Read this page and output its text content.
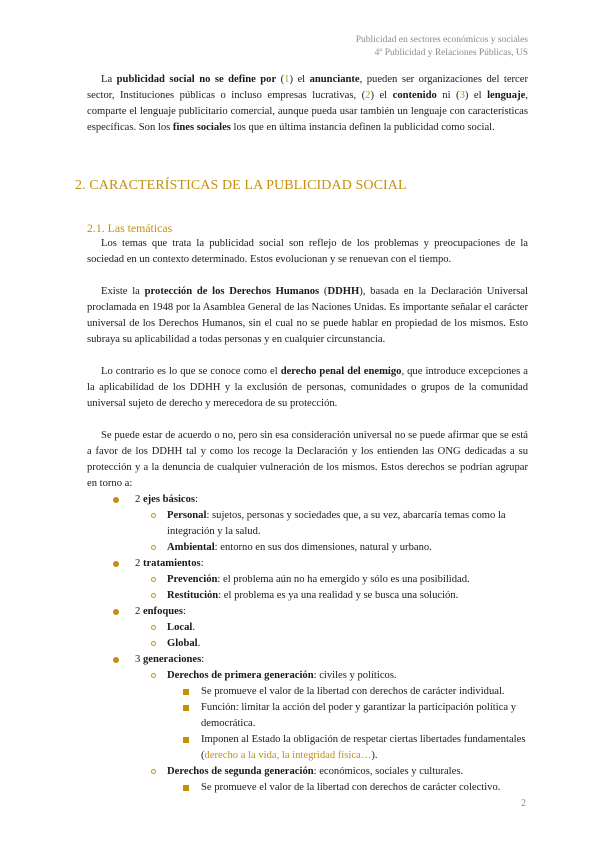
Publicidad en sectores económicos y sociales
4º Publicidad y Relaciones Públicas, US

La publicidad social no se define por (1) el anunciante, pueden ser organizaciones del tercer sector, Instituciones públicas o incluso empresas lucrativas, (2) el contenido ni (3) el lenguaje, comparte el lenguaje publicitario comercial, aunque pueda usar también un lenguaje con características específicas. Son los fines sociales los que en última instancia definen la publicidad como social.

2. CARACTERÍSTICAS DE LA PUBLICIDAD SOCIAL
2.1. Las temáticas

Los temas que trata la publicidad social son reflejo de los problemas y preocupaciones de la sociedad en un contexto determinado. Estos evolucionan y se renuevan con el tiempo.

Existe la protección de los Derechos Humanos (DDHH), basada en la Declaración Universal proclamada en 1948 por la Asamblea General de las Naciones Unidas. Es importante señalar el carácter universal de los Derechos Humanos, sin el cual no se puede hablar en propiedad de los mismos. Esto subraya su aplicabilidad a todas personas y en cualquier circunstancia.

Lo contrario es lo que se conoce como el derecho penal del enemigo, que introduce excepciones a la aplicabilidad de los DDHH y la exclusión de personas, comunidades o grupos de la comunidad universal sujeto de derecho y merecedora de su protección.

Se puede estar de acuerdo o no, pero sin esa consideración universal no se puede afirmar que se está a favor de los DDHH tal y como los recoge la Declaración y los entienden las ONG dedicadas a su protección y a la denuncia de cualquier vulneración de los mismos. Estos derechos se podrían agrupar en torno a:

2 ejes básicos:
Personal: sujetos, personas y sociedades que, a su vez, abarcaría temas como la integración y la salud.
Ambiental: entorno en sus dos dimensiones, natural y urbano.
2 tratamientos:
Prevención: el problema aún no ha emergido y sólo es una posibilidad.
Restitución: el problema es ya una realidad y se busca una solución.
2 enfoques:
Local.
Global.
3 generaciones:
Derechos de primera generación: civiles y políticos.
Se promueve el valor de la libertad con derechos de carácter individual.
Función: limitar la acción del poder y garantizar la participación política y democrática.
Imponen al Estado la obligación de respetar ciertas libertades fundamentales (derecho a la vida, la integridad física…).
Derechos de segunda generación: económicos, sociales y culturales.
Se promueve el valor de la libertad con derechos de carácter colectivo.
2
